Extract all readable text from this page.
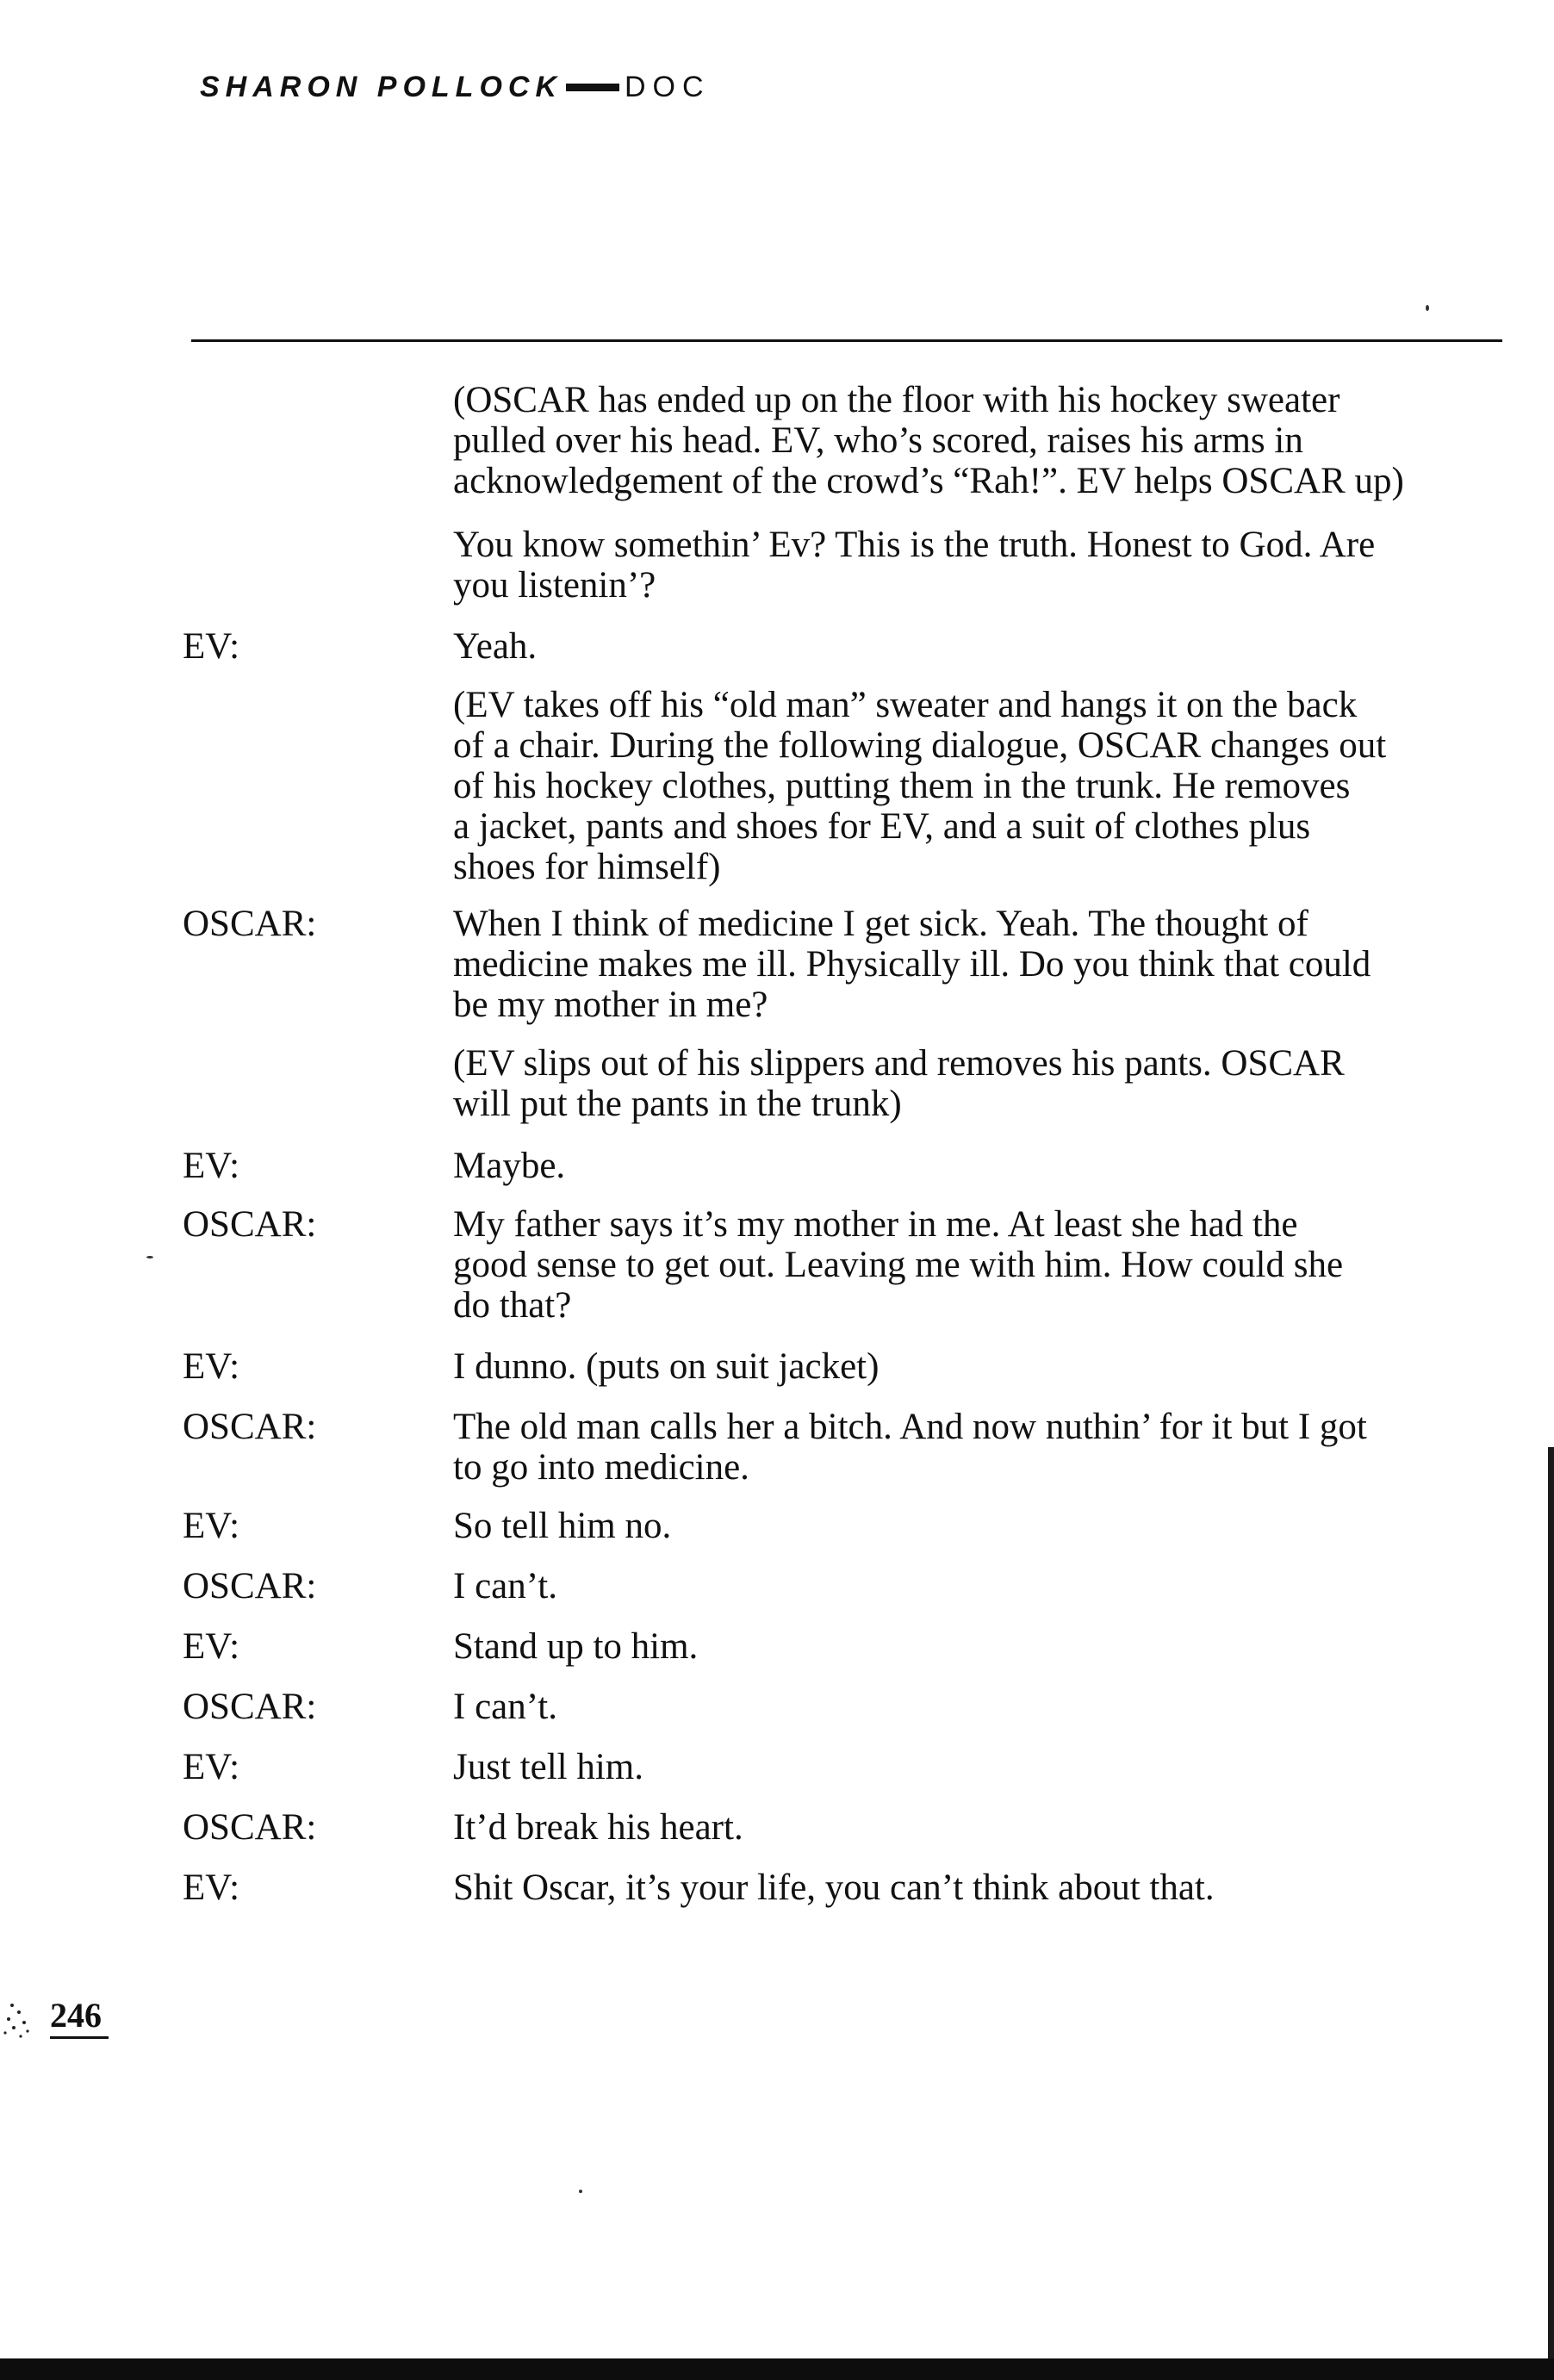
SHARON POLLOCK DOC
(OSCAR has ended up on the floor with his hockey sweater
pulled over his head. EV, who’s scored, raises his arms in
acknowledgement of the crowd’s “Rah!”. EV helps OSCAR up)
You know somethin’ Ev? This is the truth. Honest to God. Are
you listenin’?
EV:	Yeah.
(EV takes off his “old man” sweater and hangs it on the back
of a chair. During the following dialogue, OSCAR changes out
of his hockey clothes, putting them in the trunk. He removes
a jacket, pants and shoes for EV, and a suit of clothes plus
shoes for himself)
OSCAR:	When I think of medicine I get sick. Yeah. The thought of
medicine makes me ill. Physically ill. Do you think that could
be my mother in me?
(EV slips out of his slippers and removes his pants. OSCAR
will put the pants in the trunk)
EV:	Maybe.
OSCAR:	My father says it’s my mother in me. At least she had the
good sense to get out. Leaving me with him. How could she
do that?
EV:	I dunno. (puts on suit jacket)
OSCAR:	The old man calls her a bitch. And now nuthin’ for it but I got
to go into medicine.
EV:	So tell him no.
OSCAR:	I can’t.
EV:	Stand up to him.
OSCAR:	I can’t.
EV:	Just tell him.
OSCAR:	It’d break his heart.
EV:	Shit Oscar, it’s your life, you can’t think about that.
246
